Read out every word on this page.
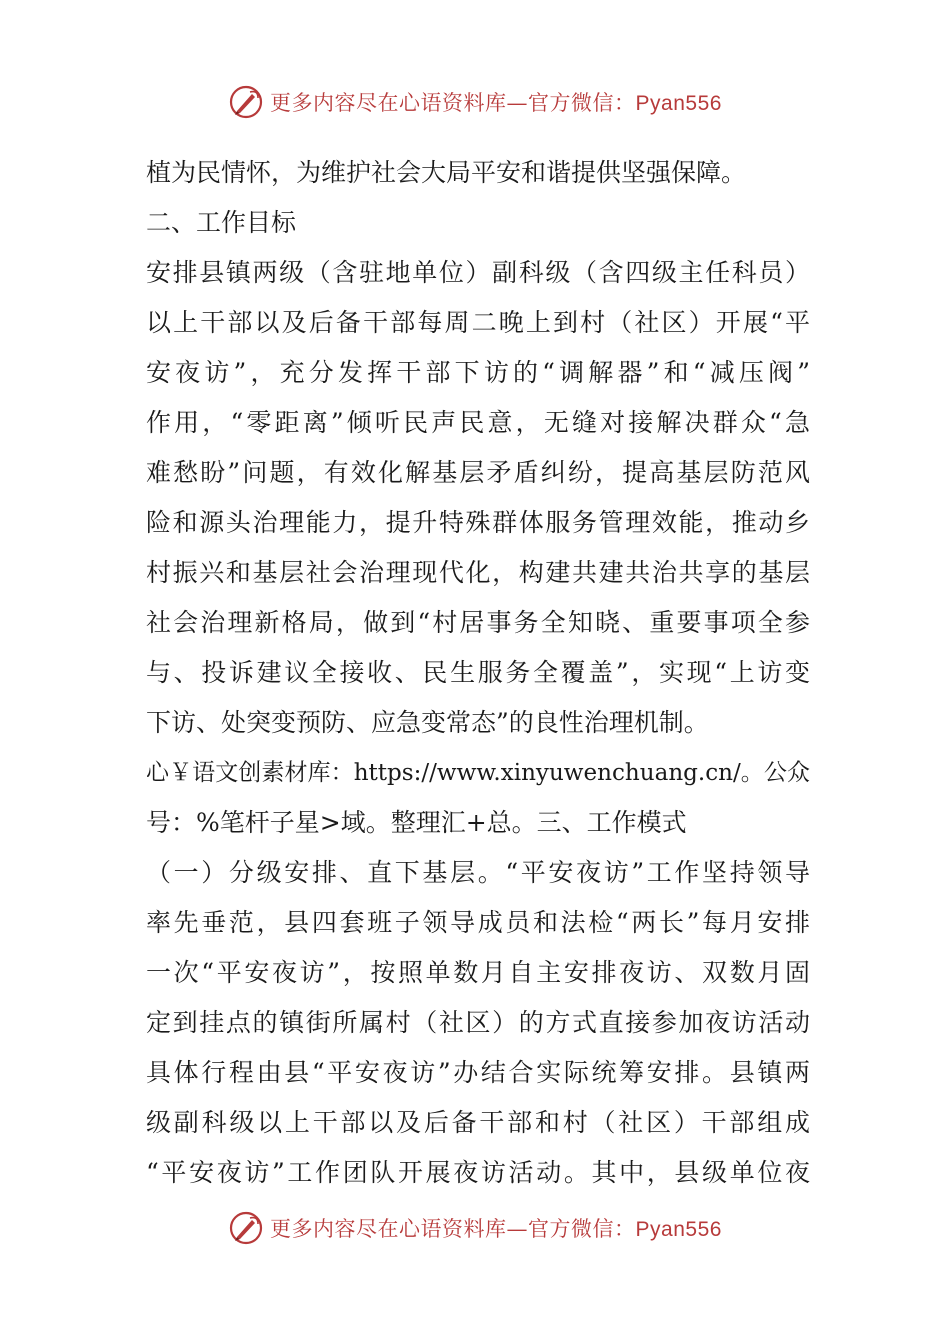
更多内容尽在心语资料库—官方微信：Pyan556
植为民情怀，为维护社会大局平安和谐提供坚强保障。
二、工作目标
安排县镇两级（含驻地单位）副科级（含四级主任科员）
以上干部以及后备干部每周二晚上到村（社区）开展“平
安夜访”，充分发挥干部下访的“调解器”和“减压阀”
作用，“零距离”倾听民声民意，无缝对接解决群众“急
难愁盼”问题，有效化解基层矛盾纠纷，提高基层防范风
险和源头治理能力，提升特殊群体服务管理效能，推动乡
村振兴和基层社会治理现代化，构建共建共治共享的基层
社会治理新格局，做到“村居事务全知晓、重要事项全参
与、投诉建议全接收、民生服务全覆盖”，实现“上访变
下访、处突变预防、应急变常态”的良性治理机制。
心￥语文创素材库：https://www.xinyuwenchuang.cn/。公众
号：%笔杆子星>域。整理汇+总。三、工作模式
（一）分级安排、直下基层。“平安夜访”工作坚持领导
率先垂范，县四套班子领导成员和法检“两长”每月安排
一次“平安夜访”，按照单数月自主安排夜访、双数月固
定到挂点的镇街所属村（社区）的方式直接参加夜访活动
具体行程由县“平安夜访”办结合实际统筹安排。县镇两
级副科级以上干部以及后备干部和村（社区）干部组成
“平安夜访”工作团队开展夜访活动。其中，县级单位夜
更多内容尽在心语资料库—官方微信：Pyan556
